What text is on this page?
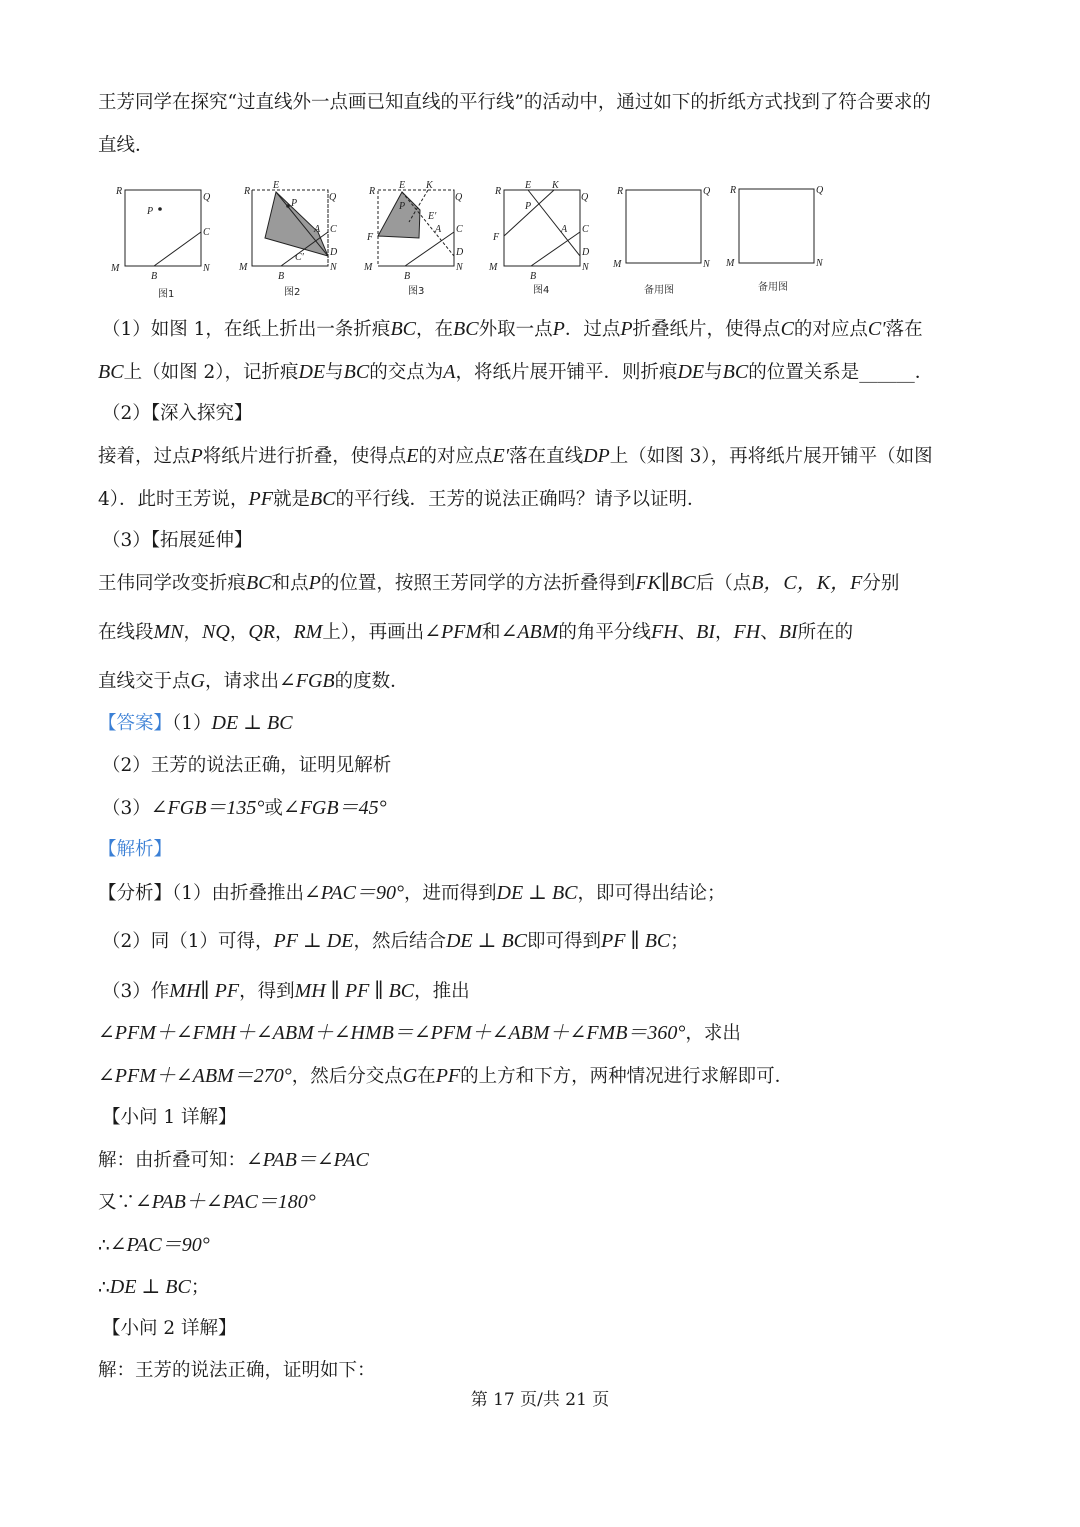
王芳同学在探究“过直线外一点画已知直线的平行线”的活动中，通过如下的折纸方式找到了符合要求的
直线．
R
Q
M	N
C
B
P
R
E
Q
P
A C
D
C′
M	N
B
R
E K
Q
P
E′
F
A C
D
M	N
B
R
E K
Q
P
F
A C
D
M	N
B
R	Q
M	N
R	Q
M	N
图1	图2	图3	图4	备用图	备用图
（1）如图 1，在纸上折出一条折痕BC，在BC外取一点P．过点P折叠纸片，使得点C的对应点C′落在
BC上（如图 2），记折痕DE与BC的交点为A，将纸片展开铺平．则折痕DE与BC的位置关系是______．
（2）【深入探究】
接着，过点P将纸片进行折叠，使得点E的对应点E′落在直线DP上（如图 3），再将纸片展开铺平（如图
4）．此时王芳说，PF就是BC的平行线．王芳的说法正确吗？请予以证明．
（3）【拓展延伸】
王伟同学改变折痕BC和点P的位置，按照王芳同学的方法折叠得到FK∥BC后（点B，C，K，F分别
在线段MN，NQ，QR，RM上），再画出∠PFM和∠ABM的角平分线FH、BI，FH、BI所在的
直线交于点G，请求出∠FGB的度数．
【答案】（1）DE ⊥ BC
（2）王芳的说法正确，证明见解析
（3）∠FGB＝135°或∠FGB＝45°
【解析】
【分析】（1）由折叠推出∠PAC＝90°，进而得到DE ⊥ BC，即可得出结论；
（2）同（1）可得，PF ⊥ DE，然后结合DE ⊥ BC即可得到PF ∥ BC；
（3）作MH∥ PF，得到MH ∥ PF ∥ BC，推出
∠PFM＋∠FMH＋∠ABM＋∠HMB＝∠PFM＋∠ABM＋∠FMB＝360°，求出
∠PFM＋∠ABM＝270°，然后分交点G在PF的上方和下方，两种情况进行求解即可．
【小问 1 详解】
解：由折叠可知：∠PAB＝∠PAC
又∵∠PAB＋∠PAC＝180°
∴∠PAC＝90°
∴DE ⊥ BC；
【小问 2 详解】
解：王芳的说法正确，证明如下：
第 17 页/共 21 页
